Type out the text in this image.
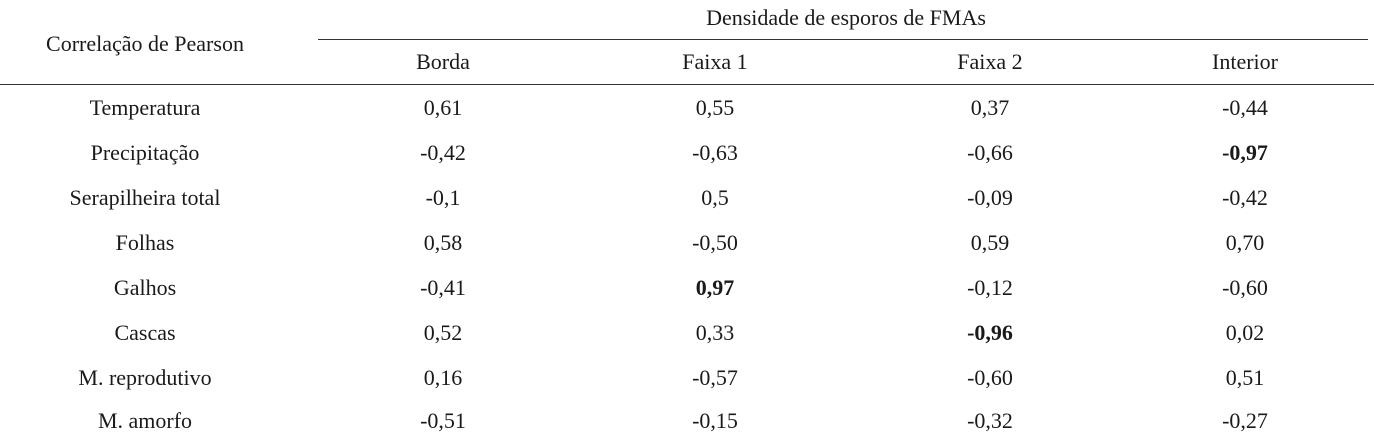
Correlação de Pearson
Densidade de esporos de FMAs
Borda	Faixa 1	Faixa 2	Interior
Temperatura	0,61	0,55	0,37	-0,44
Precipitação	-0,42	-0,63	-0,66	-0,97
Serapilheira total	-0,1	0,5	-0,09	-0,42
Folhas	0,58	-0,50	0,59	0,70
Galhos	-0,41	0,97	-0,12	-0,60
Cascas	0,52	0,33	-0,96	0,02
M. reprodutivo	0,16	-0,57	-0,60	0,51
M. amorfo	-0,51	-0,15	-0,32	-0,27
